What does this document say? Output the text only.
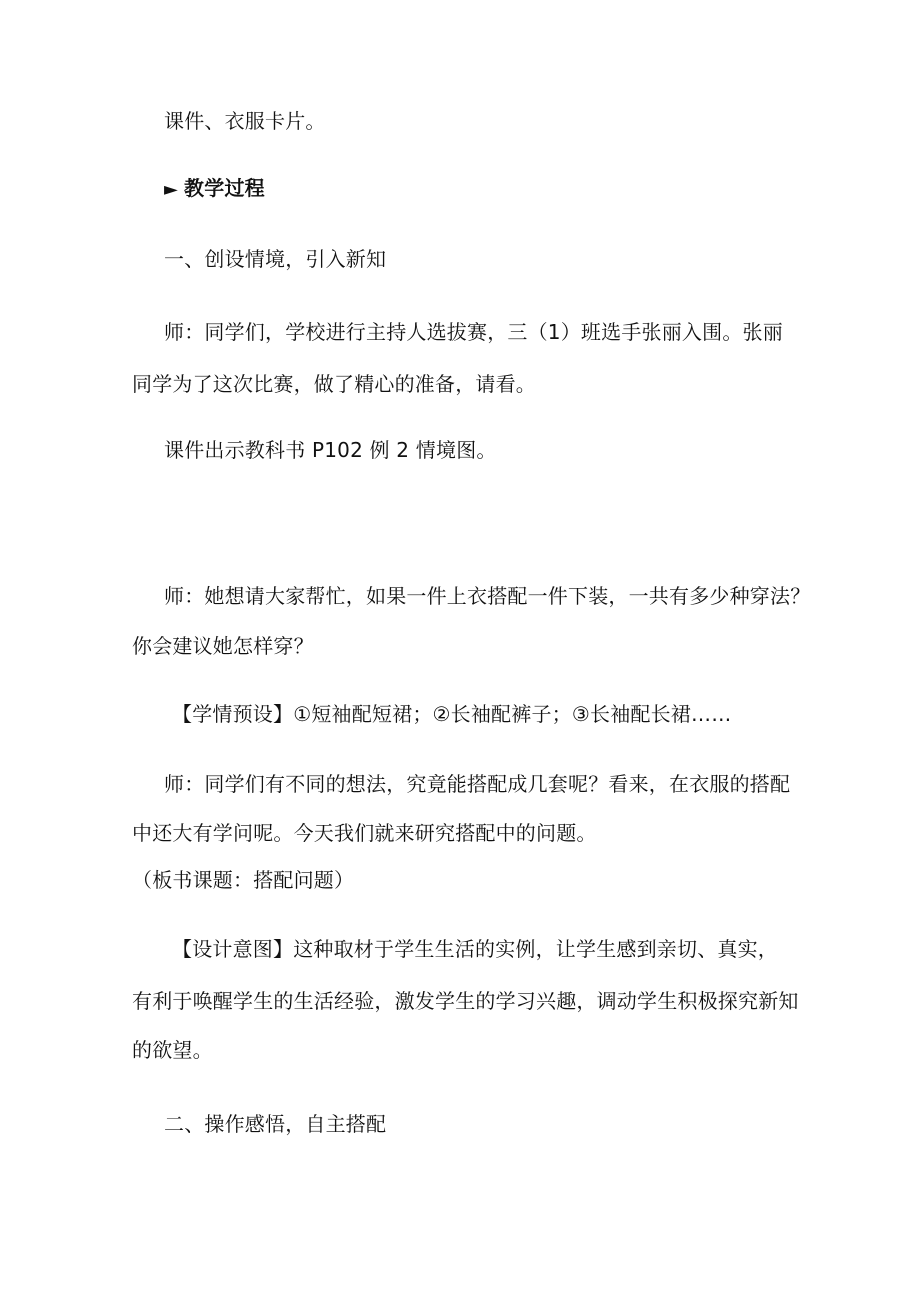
课件、衣服卡片。
► 教学过程
一、创设情境，引入新知
师：同学们，学校进行主持人选拔赛，三（1）班选手张丽入围。张丽
同学为了这次比赛，做了精心的准备，请看。
课件出示教科书 P102 例 2 情境图。
师：她想请大家帮忙，如果一件上衣搭配一件下装，一共有多少种穿法？
你会建议她怎样穿？
【学情预设】①短袖配短裙；②长袖配裤子；③长袖配长裙……
师：同学们有不同的想法，究竟能搭配成几套呢？看来，在衣服的搭配
中还大有学问呢。今天我们就来研究搭配中的问题。
（板书课题：搭配问题）
【设计意图】这种取材于学生生活的实例，让学生感到亲切、真实，
有利于唤醒学生的生活经验，激发学生的学习兴趣，调动学生积极探究新知
的欲望。
二、操作感悟，自主搭配
